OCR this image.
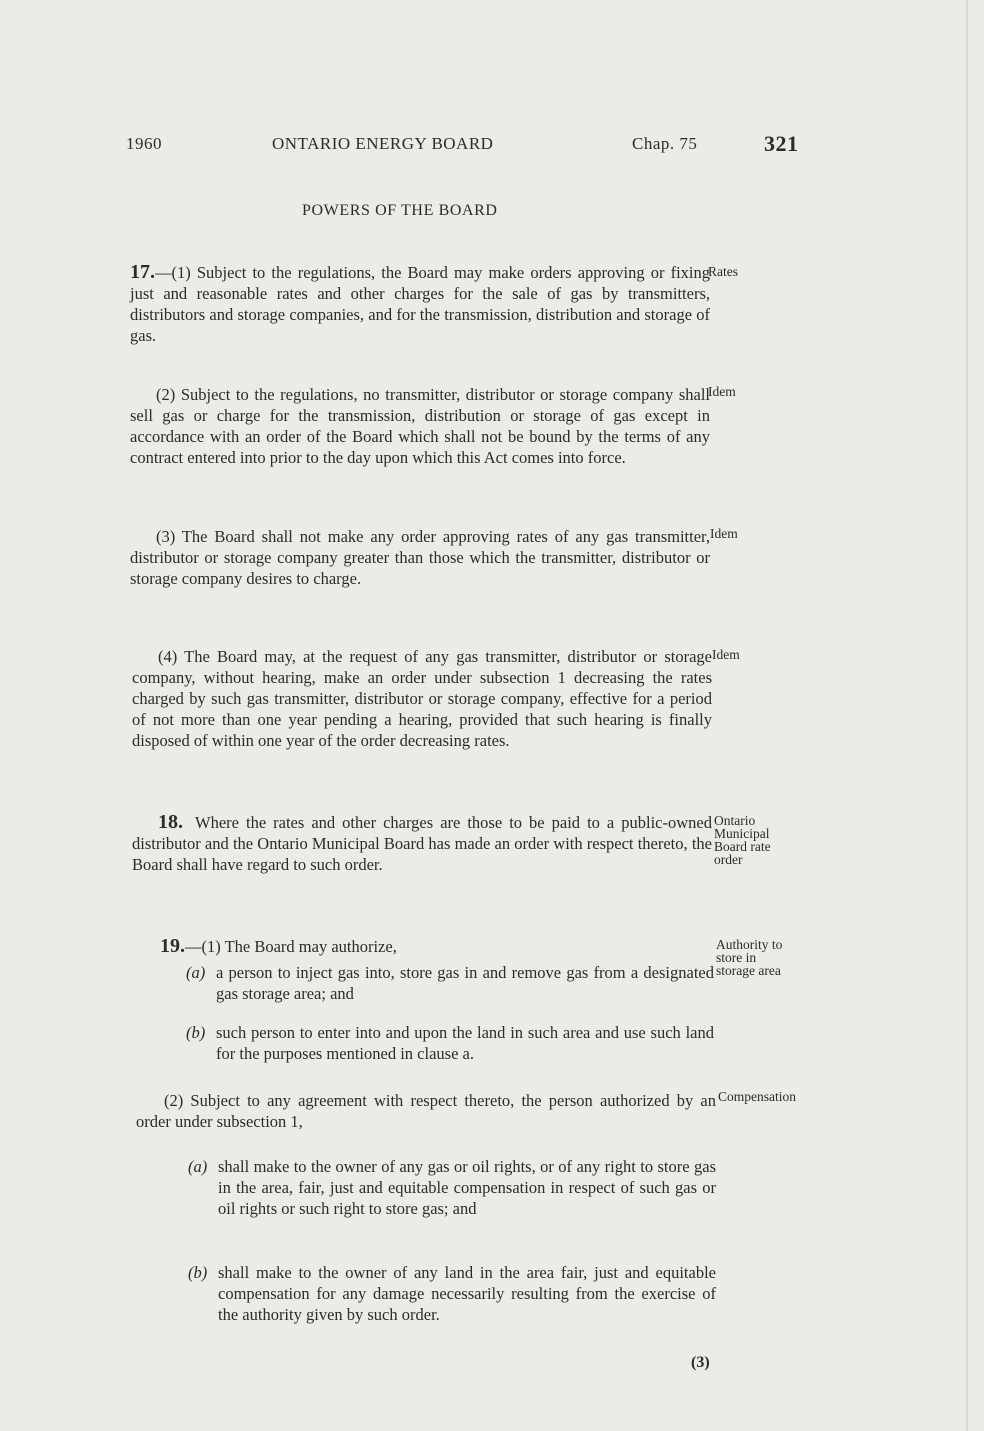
1960	ONTARIO ENERGY BOARD	Chap. 75	321
POWERS OF THE BOARD
17.—(1) Subject to the regulations, the Board may make orders approving or fixing just and reasonable rates and other charges for the sale of gas by transmitters, distributors and storage companies, and for the transmission, distribution and storage of gas.
Rates
(2) Subject to the regulations, no transmitter, distributor or storage company shall sell gas or charge for the transmission, distribution or storage of gas except in accordance with an order of the Board which shall not be bound by the terms of any contract entered into prior to the day upon which this Act comes into force.
Idem
(3) The Board shall not make any order approving rates of any gas transmitter, distributor or storage company greater than those which the transmitter, distributor or storage company desires to charge.
Idem
(4) The Board may, at the request of any gas transmitter, distributor or storage company, without hearing, make an order under subsection 1 decreasing the rates charged by such gas transmitter, distributor or storage company, effective for a period of not more than one year pending a hearing, provided that such hearing is finally disposed of within one year of the order decreasing rates.
Idem
18. Where the rates and other charges are those to be paid to a public-owned distributor and the Ontario Municipal Board has made an order with respect thereto, the Board shall have regard to such order.
Ontario Municipal Board rate order
19.—(1) The Board may authorize,	Authority to store in storage area
(a) a person to inject gas into, store gas in and remove gas from a designated gas storage area; and
(b) such person to enter into and upon the land in such area and use such land for the purposes mentioned in clause a.
(2) Subject to any agreement with respect thereto, the person authorized by an order under subsection 1,
Compensation
(a) shall make to the owner of any gas or oil rights, or of any right to store gas in the area, fair, just and equitable compensation in respect of such gas or oil rights or such right to store gas; and
(b) shall make to the owner of any land in the area fair, just and equitable compensation for any damage necessarily resulting from the exercise of the authority given by such order.
(3)
